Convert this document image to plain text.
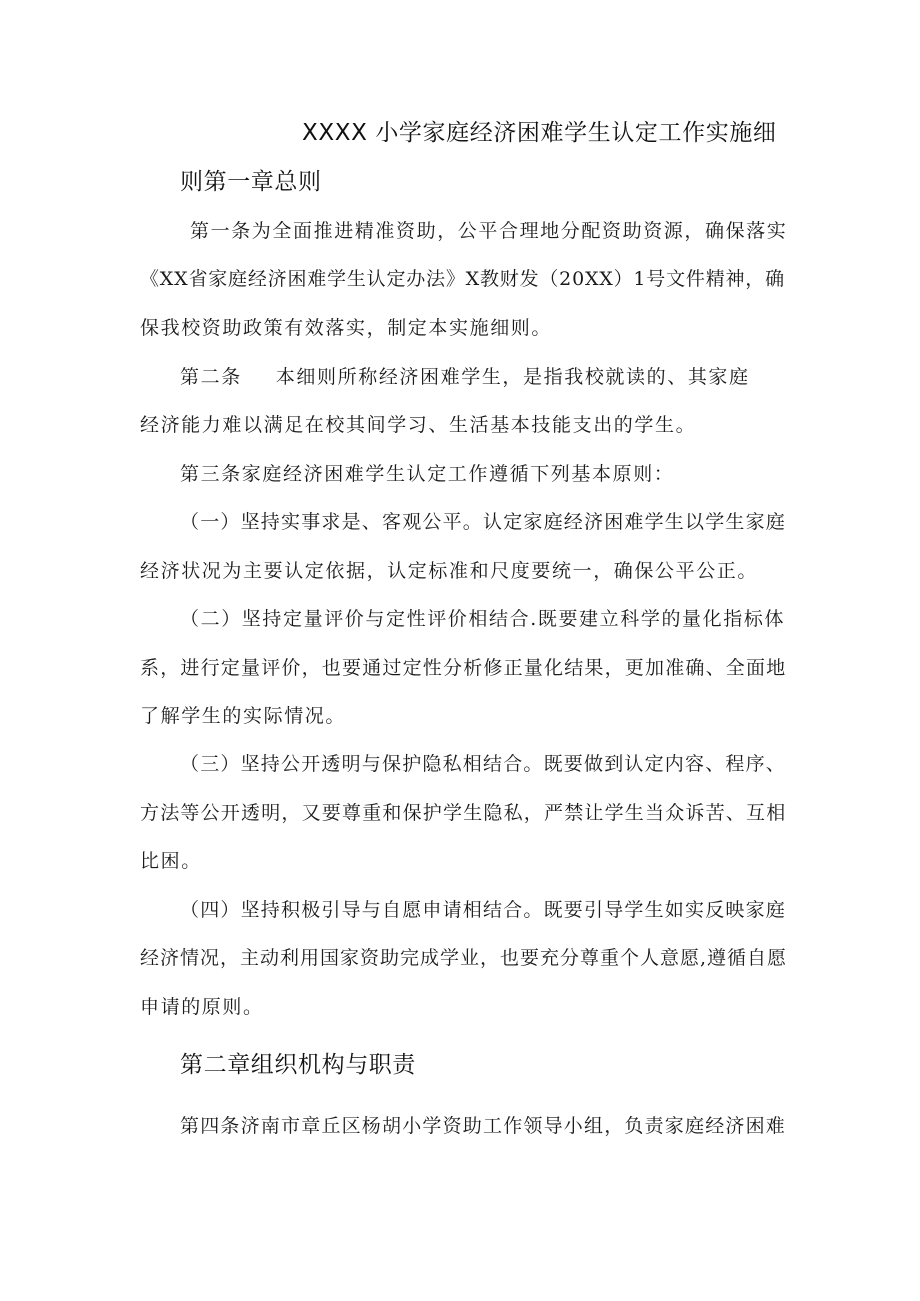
XXXX 小学家庭经济困难学生认定工作实施细
则第一章总则
第一条为全面推进精准资助，公平合理地分配资助资源，确保落实
《XX省家庭经济困难学生认定办法》X教财发（20XX）1号文件精神，确
保我校资助政策有效落实，制定本实施细则。
第二条 本细则所称经济困难学生，是指我校就读的、其家庭
经济能力难以满足在校其间学习、生活基本技能支出的学生。
第三条家庭经济困难学生认定工作遵循下列基本原则：
（一）坚持实事求是、客观公平。认定家庭经济困难学生以学生家庭
经济状况为主要认定依据，认定标准和尺度要统一，确保公平公正。
（二）坚持定量评价与定性评价相结合.既要建立科学的量化指标体
系，进行定量评价，也要通过定性分析修正量化结果，更加准确、全面地
了解学生的实际情况。
（三）坚持公开透明与保护隐私相结合。既要做到认定内容、程序、
方法等公开透明，又要尊重和保护学生隐私，严禁让学生当众诉苦、互相
比困。
（四）坚持积极引导与自愿申请相结合。既要引导学生如实反映家庭
经济情况，主动利用国家资助完成学业，也要充分尊重个人意愿,遵循自愿
申请的原则。
第二章组织机构与职责
第四条济南市章丘区杨胡小学资助工作领导小组，负责家庭经济困难
